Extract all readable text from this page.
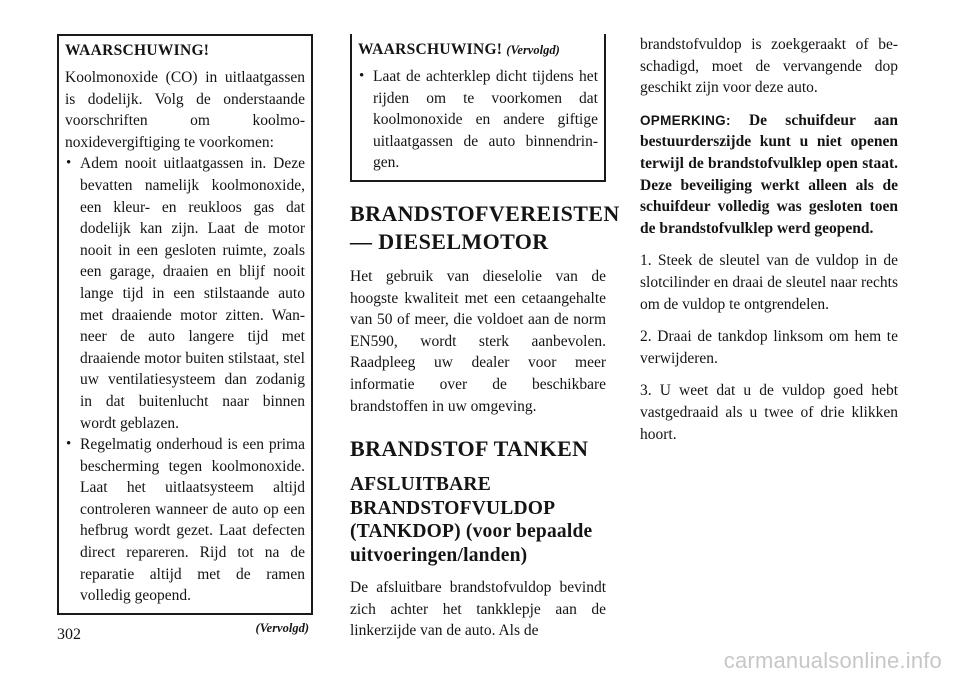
WAARSCHUWING!

Koolmonoxide (CO) in uitlaatgassen is dodelijk. Volg de onderstaande voorschriften om koolmonoxidevergiftiging te voorkomen:

• Adem nooit uitlaatgassen in. Deze bevatten namelijk koolmonoxide, een kleur- en reukloos gas dat dodelijk kan zijn. Laat de motor nooit in een gesloten ruimte, zoals een garage, draaien en blijf nooit lange tijd in een stilstaande auto met draaiende motor zitten. Wanneer de auto langere tijd met draaiende motor buiten stilstaat, stel uw ventilatiesysteem dan zodanig in dat buitenlucht naar binnen wordt geblazen.
• Regelmatig onderhoud is een prima bescherming tegen koolmonoxide. Laat het uitlaatsysteem altijd controleren wanneer de auto op een hefbrug wordt gezet. Laat defecten direct repareren. Rijd tot na de reparatie altijd met de ramen volledig geopend.
(Vervolgd)
WAARSCHUWING! (Vervolgd)
• Laat de achterklep dicht tijdens het rijden om te voorkomen dat koolmonoxide en andere giftige uitlaatgassen de auto binnendringen.
BRANDSTOFVEREISTEN — DIESELMOTOR

Het gebruik van dieselolie van de hoogste kwaliteit met een cetaangehalte van 50 of meer, die voldoet aan de norm EN590, wordt sterk aanbevolen. Raadpleeg uw dealer voor meer informatie over de beschikbare brandstoffen in uw omgeving.

BRANDSTOF TANKEN
AFSLUITBARE BRANDSTOFVULDOP (TANKDOP) (voor bepaalde uitvoeringen/landen)

De afsluitbare brandstofvuldop bevindt zich achter het tankklepje aan de linkerzijde van de auto. Als de

brandstofvuldop is zoekgeraakt of beschadigd, moet de vervangende dop geschikt zijn voor deze auto.

OPMERKING: De schuifdeur aan bestuurderszijde kunt u niet openen terwijl de brandstofvulklep open staat. Deze beveiliging werkt alleen als de schuifdeur volledig was gesloten toen de brandstofvulklep werd geopend.

1. Steek de sleutel van de vuldop in de slotcilinder en draai de sleutel naar rechts om de vuldop te ontgrendelen.

2. Draai de tankdop linksom om hem te verwijderen.

3. U weet dat u de vuldop goed hebt vastgedraaid als u twee of drie klikken hoort.

302
carmanualsonline.info
